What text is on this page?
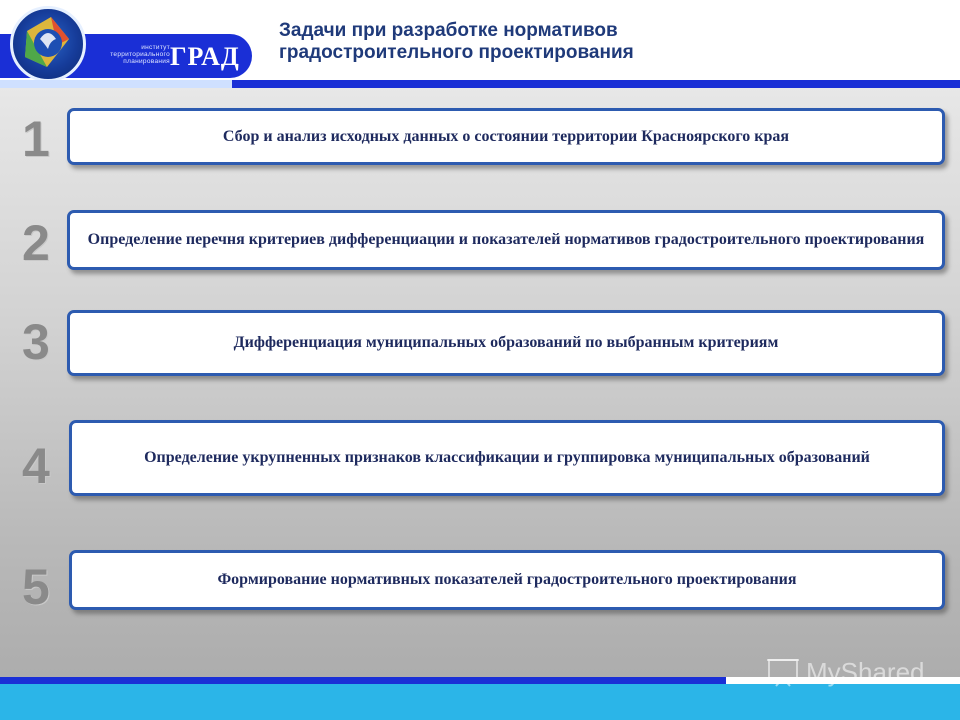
институт
территориального
планирования ГРАД
Задачи при разработке нормативов
градостроительного проектирования
1
2
3
4
5
Сбор и анализ исходных данных о состоянии территории Красноярского края
Определение перечня критериев дифференциации и показателей нормативов градостроительного проектирования
Дифференциация муниципальных образований по выбранным критериям
Определение укрупненных признаков классификации и группировка муниципальных образований
Формирование нормативных показателей градостроительного проектирования
MyShared
